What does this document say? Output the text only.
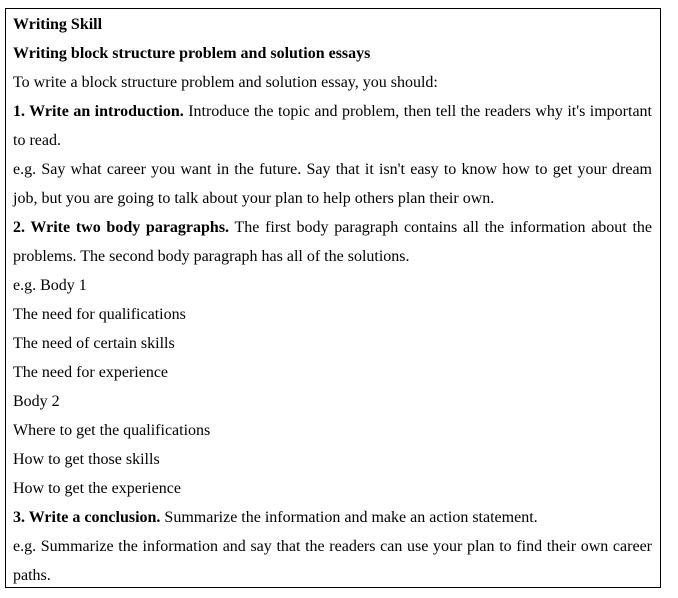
Writing Skill

Writing block structure problem and solution essays

To write a block structure problem and solution essay, you should:

1. Write an introduction. Introduce the topic and problem, then tell the readers why it's important to read.

e.g. Say what career you want in the future. Say that it isn't easy to know how to get your dream job, but you are going to talk about your plan to help others plan their own.

2. Write two body paragraphs. The first body paragraph contains all the information about the problems. The second body paragraph has all of the solutions.

e.g. Body 1

The need for qualifications

The need of certain skills

The need for experience

Body 2

Where to get the qualifications

How to get those skills

How to get the experience

3. Write a conclusion. Summarize the information and make an action statement.

e.g. Summarize the information and say that the readers can use your plan to find their own career paths.
